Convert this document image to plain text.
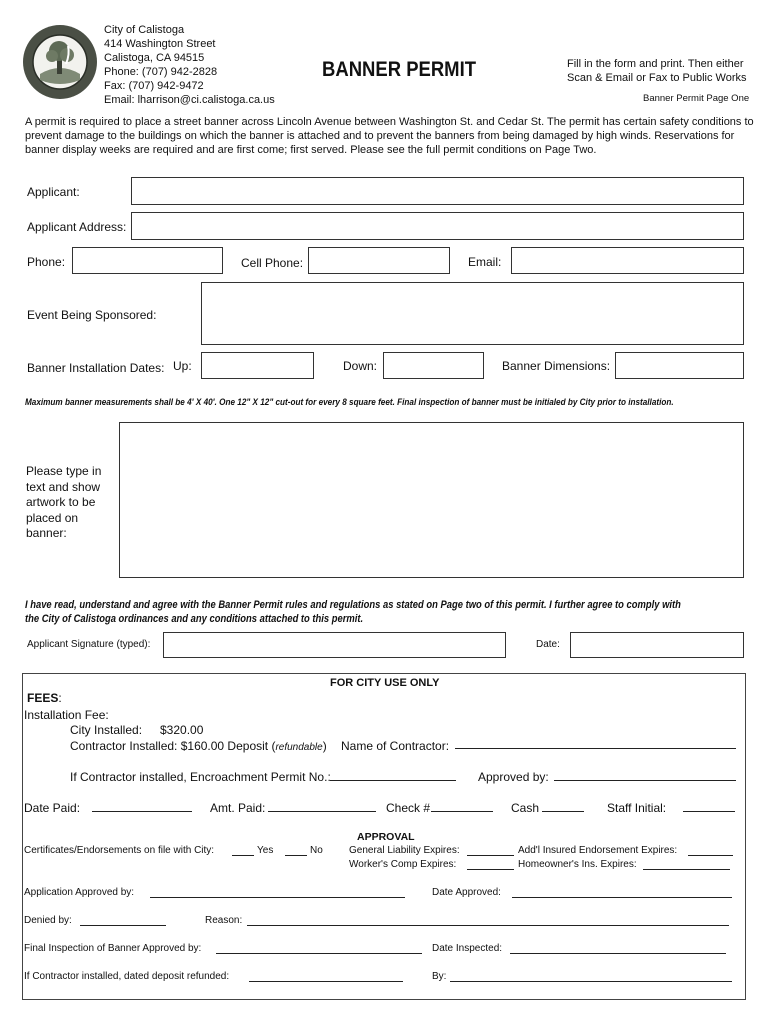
City of Calistoga
414 Washington Street
Calistoga, CA 94515
Phone: (707) 942-2828
Fax: (707) 942-9472
Email: lharrison@ci.calistoga.ca.us
BANNER PERMIT	Fill in the form and print. Then either
Scan & Email or Fax to Public Works
Banner Permit Page One
A permit is required to place a street banner across Lincoln Avenue between Washington St. and Cedar St. The permit has certain safety conditions to
prevent damage to the buildings on which the banner is attached and to prevent the banners from being damaged by high winds. Reservations for
banner display weeks are required and are first come; first served. Please see the full permit conditions on Page Two.
Applicant:
Applicant Address:
Phone:	Cell Phone:	Email:
Event Being Sponsored:
Banner Installation Dates: Up:	Down:	Banner Dimensions:
Maximum banner measurements shall be 4' X 40'. One 12" X 12" cut-out for every 8 square feet. Final inspection of banner must be initialed by City prior to installation.
Please type in
text and show
artwork to be
placed on
banner:
I have read, understand and agree with the Banner Permit rules and regulations as stated on Page two of this permit. I further agree to comply with
the City of Calistoga ordinances and any conditions attached to this permit.
Applicant Signature (typed):	Date:
FOR CITY USE ONLY
FEES:
Installation Fee:
City Installed: $320.00
Contractor Installed: $160.00 Deposit (refundable) Name of Contractor:
If Contractor installed, Encroachment Permit No.:	Approved by:
Date Paid:	Amt. Paid:	Check #	Cash	Staff Initial:
APPROVAL
Certificates/Endorsements on file with City:	Yes	No	General Liability Expires:	Add'l Insured Endorsement Expires:
Worker's Comp Expires:	Homeowner's Ins. Expires:
Application Approved by:	Date Approved:
Denied by:	Reason:
Final Inspection of Banner Approved by:	Date Inspected:
If Contractor installed, dated deposit refunded:	By:
